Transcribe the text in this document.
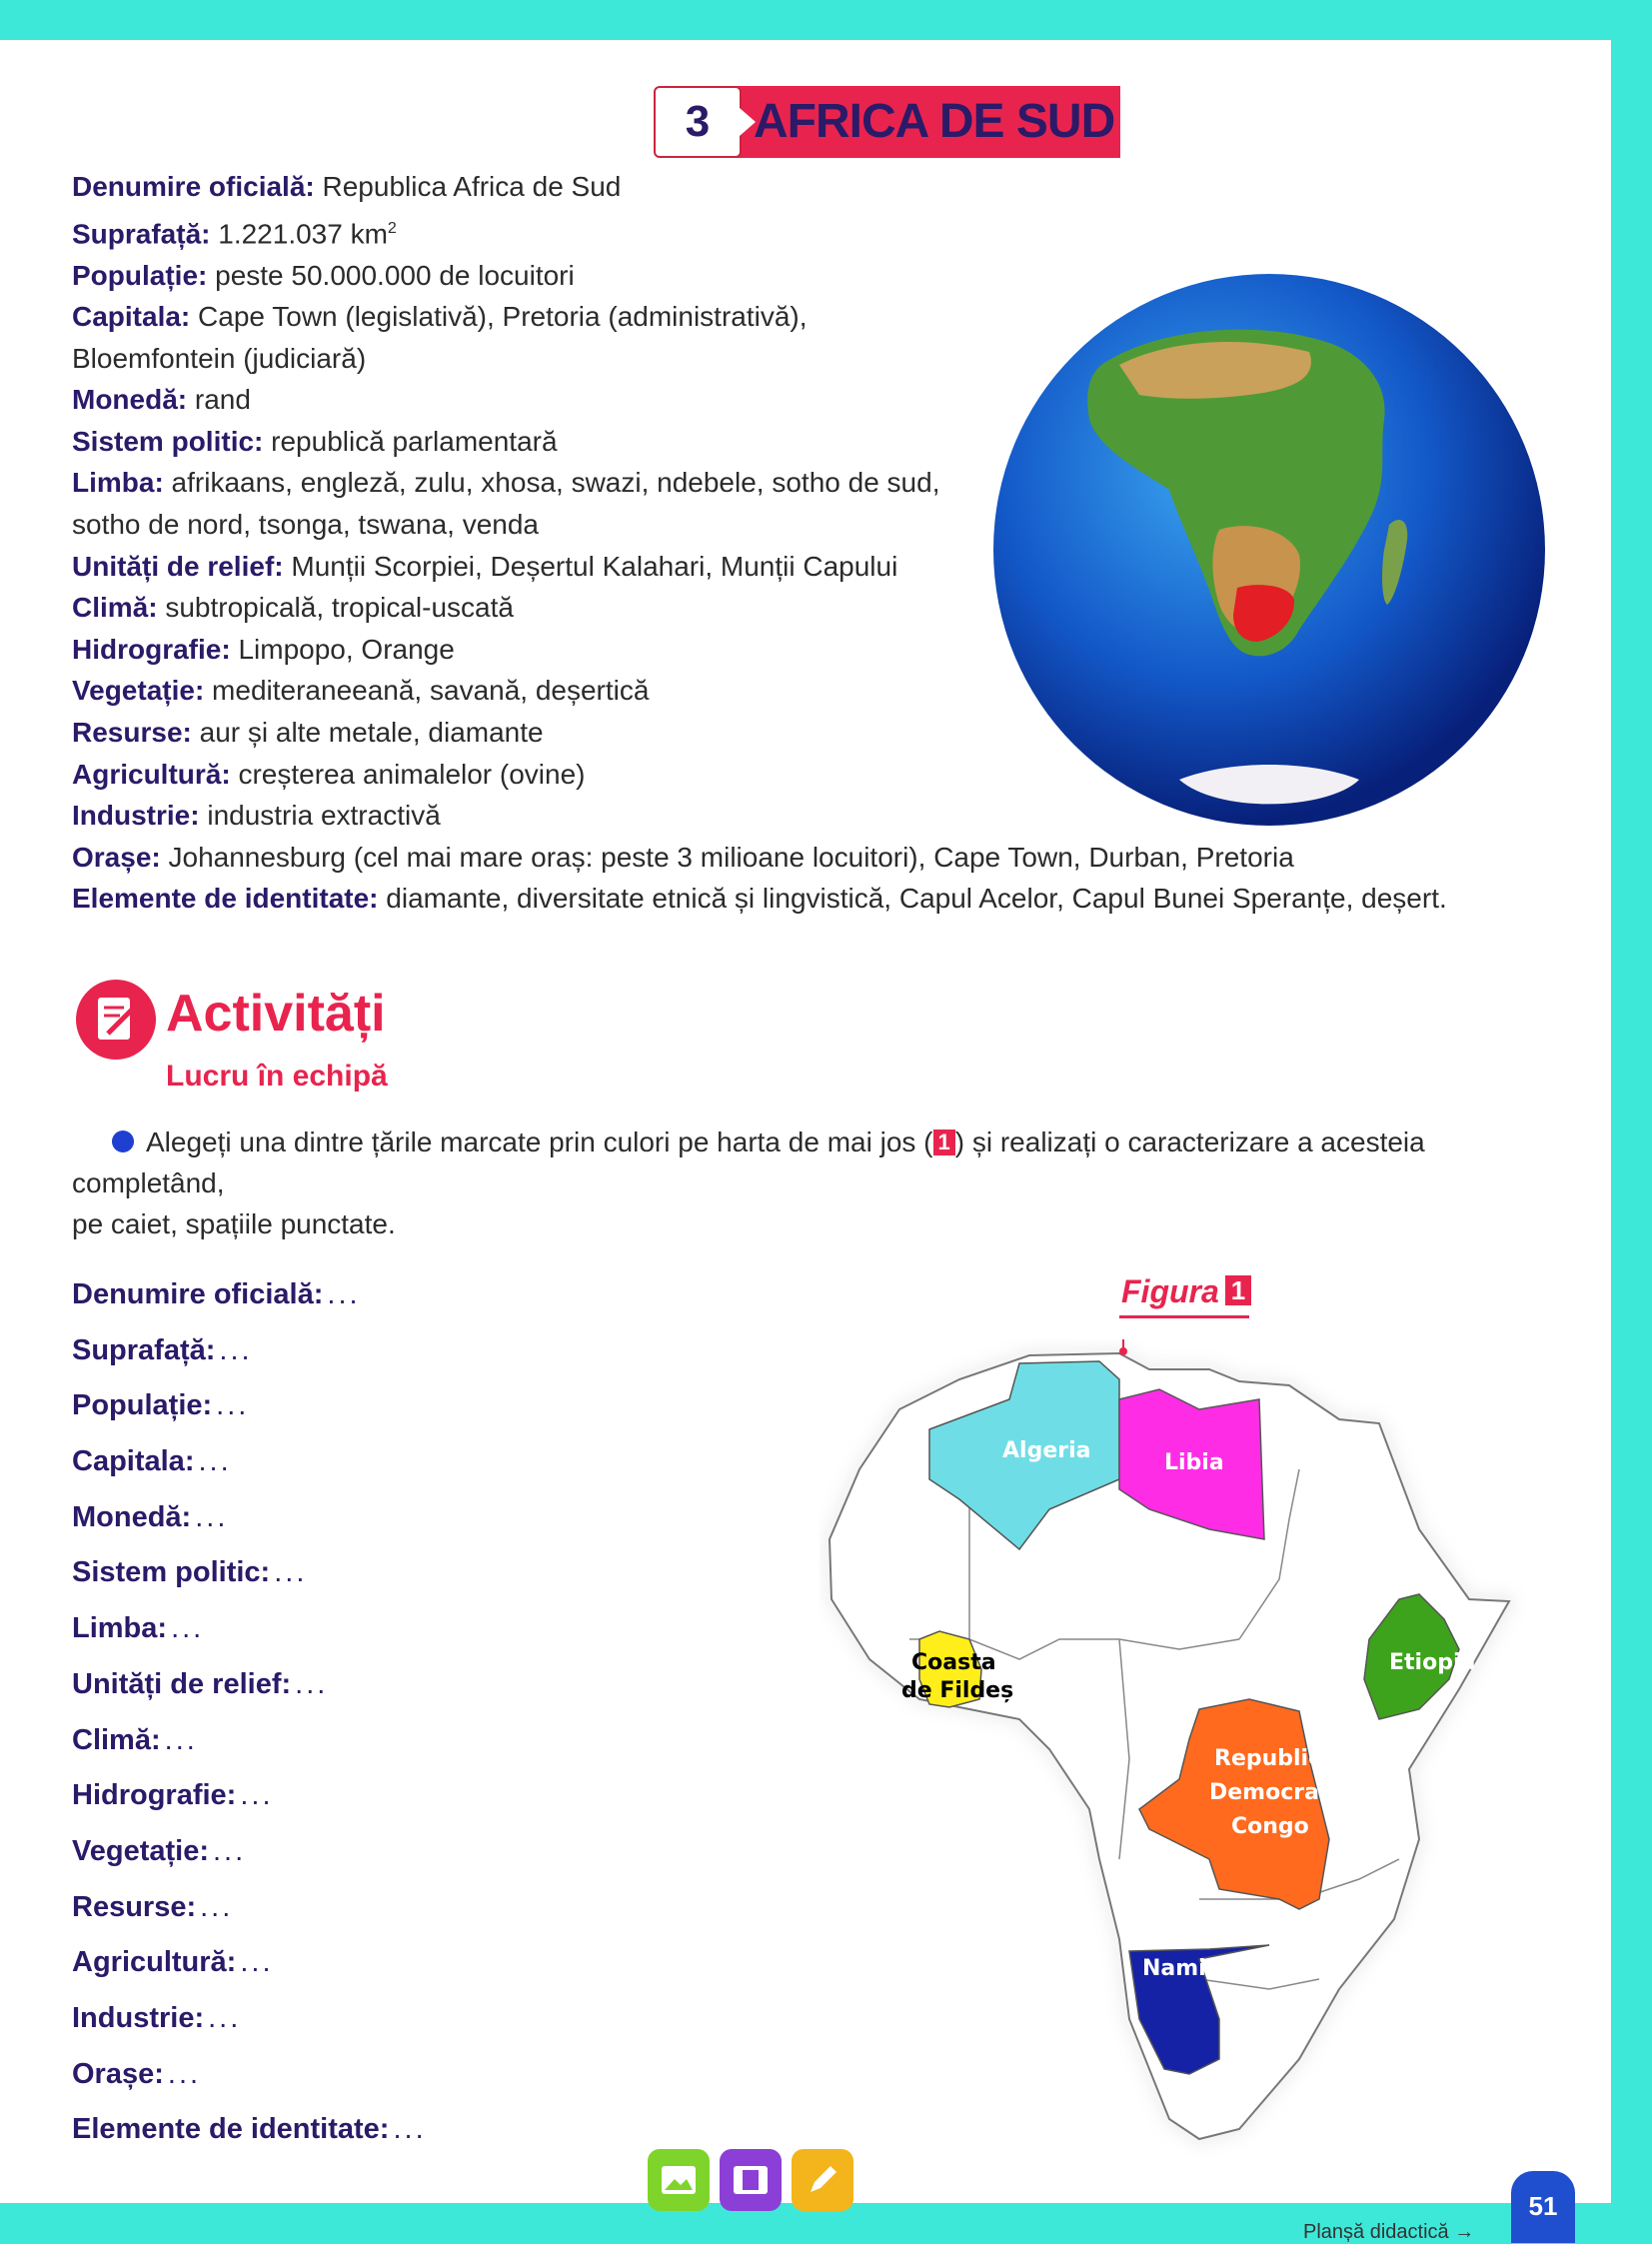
3 AFRICA DE SUD
Denumire oficială: Republica Africa de Sud
Suprafață: 1.221.037 $km^2$
Populație: peste 50.000.000 de locuitori
Capitala: Cape Town (legislativă), Pretoria (administrativă),
Bloemfontein (judiciară)
Monedă: rand
Sistem politic: republică parlamentară
Limba: afrikaans, engleză, zulu, xhosa, swazi, ndebele, sotho de sud,
sotho de nord, tsonga, tswana, venda
Unități de relief: Munții Scorpiei, Deșertul Kalahari, Munții Capului
Climă: subtropicală, tropical-uscată
Hidrografie: Limpopo, Orange
Vegetație: mediteraneeană, savană, deșertică
Resurse: aur și alte metale, diamante
Agricultură: creșterea animalelor (ovine)
Industrie: industria extractivă
Orașe: Johannesburg (cel mai mare oraș: peste 3 milioane locuitori), Cape Town, Durban, Pretoria
Elemente de identitate: diamante, diversitate etnică și lingvistică, Capul Acelor, Capul Bunei Speranțe, deșert.
Activități
Lucru în echipă
Alegeți una dintre țările marcate prin culori pe harta de mai jos ( 1 ) și realizați o caracterizare a acesteia completând,
pe caiet, spațiile punctate.
Denumire oficială: ...
Suprafață: ...
Populație: ...
Capitala: ...
Monedă: ...
Sistem politic: ...
Limba: ...
Unități de relief: ...
Climă: ...
Hidrografie: ...
Vegetație: ...
Resurse: ...
Agricultură: ...
Industrie: ...
Orașe: ...
Elemente de identitate: ...
Figura 1
Algeria	Libia
Coasta
de Fildeș
Etiopia
Republica
Democrată
Congo
Namibia
Planșă didactică →
51
